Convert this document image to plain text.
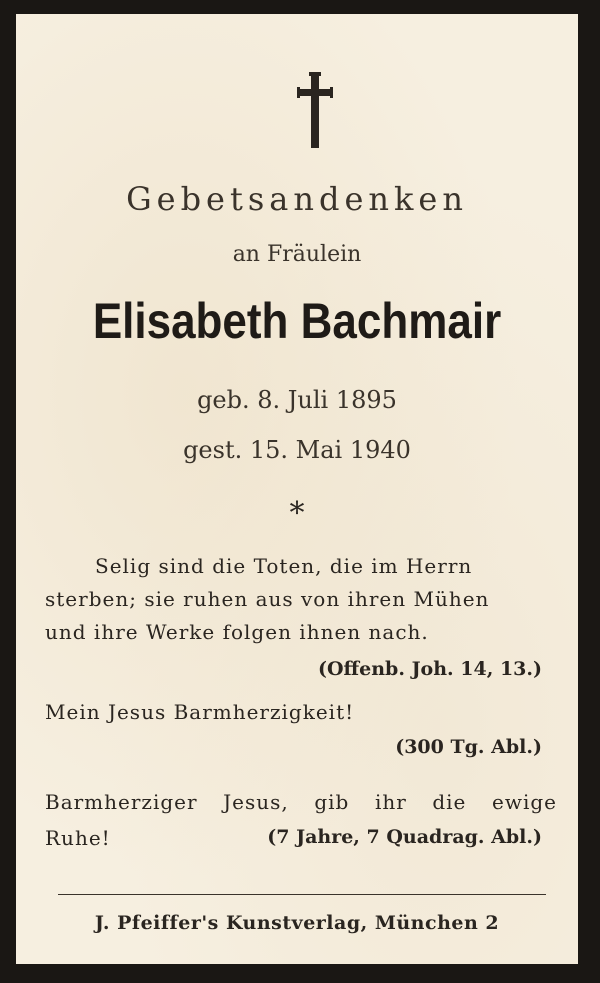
Gebetsandenken
an Fräulein
Elisabeth Bachmair
geb. 8. Juli 1895
gest. 15. Mai 1940
*
Selig sind die Toten, die im Herrn
sterben; sie ruhen aus von ihren Mühen
und ihre Werke folgen ihnen nach.
(Offenb. Joh. 14, 13.)
Mein Jesus Barmherzigkeit!
(300 Tg. Abl.)
Barmherziger Jesus, gib ihr die ewige
Ruhe!	(7 Jahre, 7 Quadrag. Abl.)
J. Pfeiffer's Kunstverlag, München 2
